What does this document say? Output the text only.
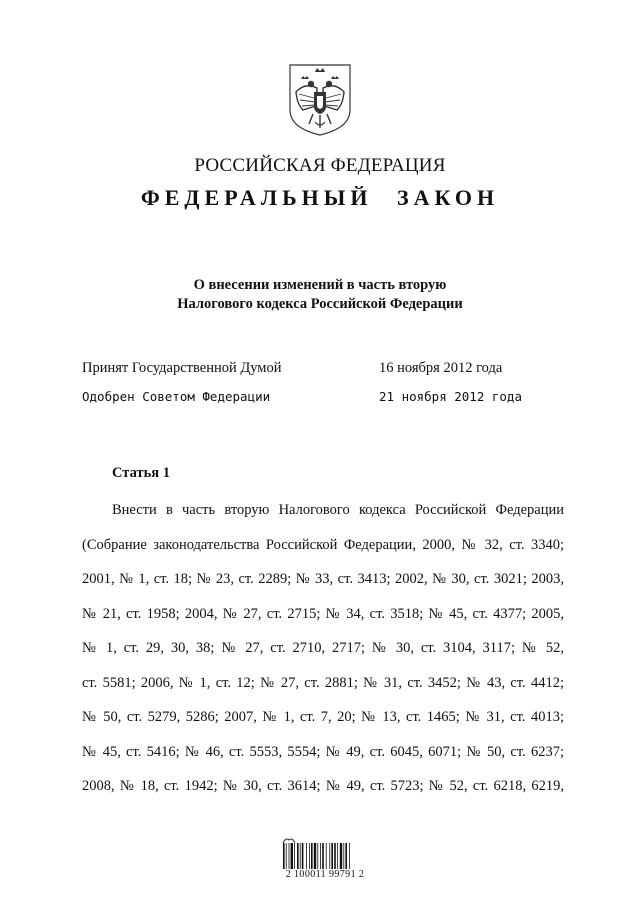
РОССИЙСКАЯ ФЕДЕРАЦИЯ
ФЕДЕРАЛЬНЫЙ ЗАКОН
О внесении изменений в часть вторую
Налогового кодекса Российской Федерации
Принят Государственной Думой	16 ноября 2012 года
Одобрен Советом Федерации	21 ноября 2012 года
Статья 1
Внести в часть вторую Налогового кодекса Российской Федерации
(Собрание законодательства Российской Федерации, 2000, № 32, ст. 3340;
2001, № 1, ст. 18; № 23, ст. 2289; № 33, ст. 3413; 2002, № 30, ст. 3021; 2003,
№ 21, ст. 1958; 2004, № 27, ст. 2715; № 34, ст. 3518; № 45, ст. 4377; 2005,
№ 1, ст. 29, 30, 38; № 27, ст. 2710, 2717; № 30, ст. 3104, 3117; № 52,
ст. 5581; 2006, № 1, ст. 12; № 27, ст. 2881; № 31, ст. 3452; № 43, ст. 4412;
№ 50, ст. 5279, 5286; 2007, № 1, ст. 7, 20; № 13, ст. 1465; № 31, ст. 4013;
№ 45, ст. 5416; № 46, ст. 5553, 5554; № 49, ст. 6045, 6071; № 50, ст. 6237;
2008, № 18, ст. 1942; № 30, ст. 3614; № 49, ст. 5723; № 52, ст. 6218, 6219,
2 100011 99791 2
